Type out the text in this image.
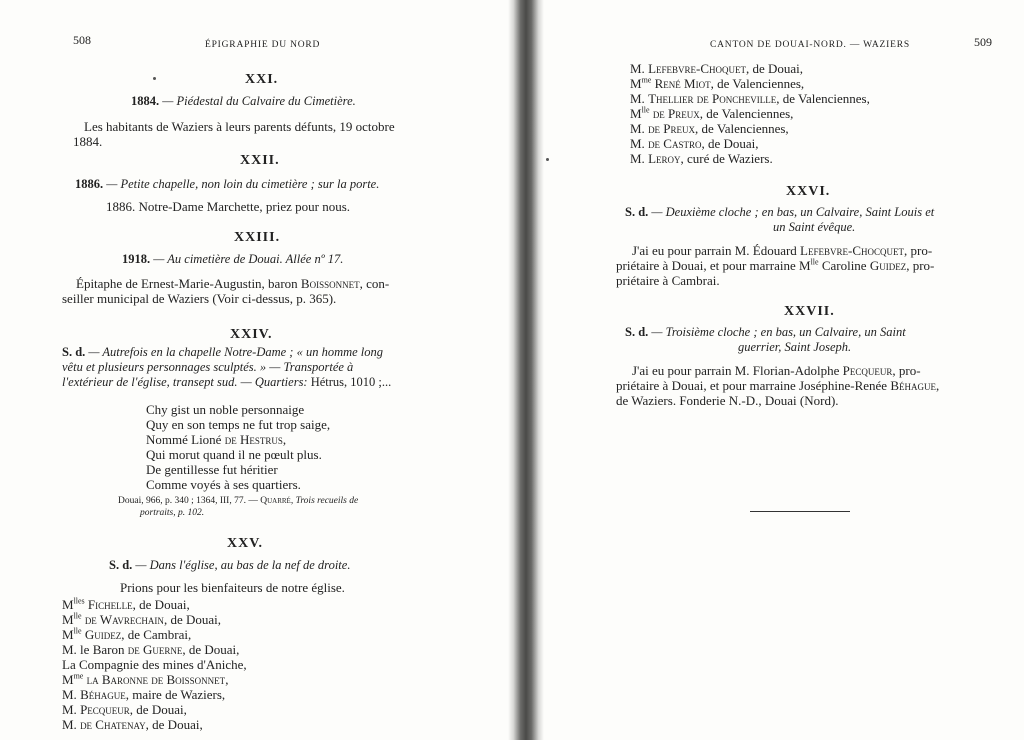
508	ÉPIGRAPHIE DU NORD
XXI.
1884. — Piédestal du Calvaire du Cimetière.
Les habitants de Waziers à leurs parents défunts, 19 octobre
1884.
XXII.
1886. — Petite chapelle, non loin du cimetière ; sur la porte.
1886. Notre-Dame Marchette, priez pour nous.
XXIII.
1918. — Au cimetière de Douai. Allée nº 17.
Épitaphe de Ernest-Marie-Augustin, baron Boissonnet, con-
seiller municipal de Waziers (Voir ci-dessus, p. 365).
XXIV.
S. d. — Autrefois en la chapelle Notre-Dame ; « un homme long
vêtu et plusieurs personnages sculptés. » — Transportée à
l'extérieur de l'église, transept sud. — Quartiers: Hétrus, 1010 ;...
Chy gist un noble personnaige
Quy en son temps ne fut trop saige,
Nommé Lioné de Hestrus,
Qui morut quand il ne pœult plus.
De gentillesse fut héritier
Comme voyés à ses quartiers.
Douai, 966, p. 340 ; 1364, III, 77. — Quarré, Trois recueils de
portraits, p. 102.
XXV.
S. d. — Dans l'église, au bas de la nef de droite.
Prions pour les bienfaiteurs de notre église.
$M^{lles}$ Fichelle, de Douai,
$M^{lle}$ de Wavrechain, de Douai,
$M^{lle}$ Guidez, de Cambrai,
M. le Baron de Guerne, de Douai,
La Compagnie des mines d'Aniche,
$M^{me}$ la Baronne de Boissonnet,
M. Béhague, maire de Waziers,
M. Pecqueur, de Douai,
M. de Chatenay, de Douai,
CANTON DE DOUAI-NORD. — WAZIERS	509
M. Lefebvre-Choquet, de Douai,
$M^{me}$ René Miot, de Valenciennes,
M. Thellier de Poncheville, de Valenciennes,
$M^{lle}$ de Preux, de Valenciennes,
M. de Preux, de Valenciennes,
M. de Castro, de Douai,
M. Leroy, curé de Waziers.
XXVI.
S. d. — Deuxième cloche ; en bas, un Calvaire, Saint Louis et
un Saint évêque.
J'ai eu pour parrain M. Édouard Lefebvre-Chocquet, pro-
priétaire à Douai, et pour marraine $M^{lle}$ Caroline Guidez, pro-
priétaire à Cambrai.
XXVII.
S. d. — Troisième cloche ; en bas, un Calvaire, un Saint
guerrier, Saint Joseph.
J'ai eu pour parrain M. Florian-Adolphe Pecqueur, pro-
priétaire à Douai, et pour marraine Joséphine-Renée Béhague,
de Waziers. Fonderie N.-D., Douai (Nord).
